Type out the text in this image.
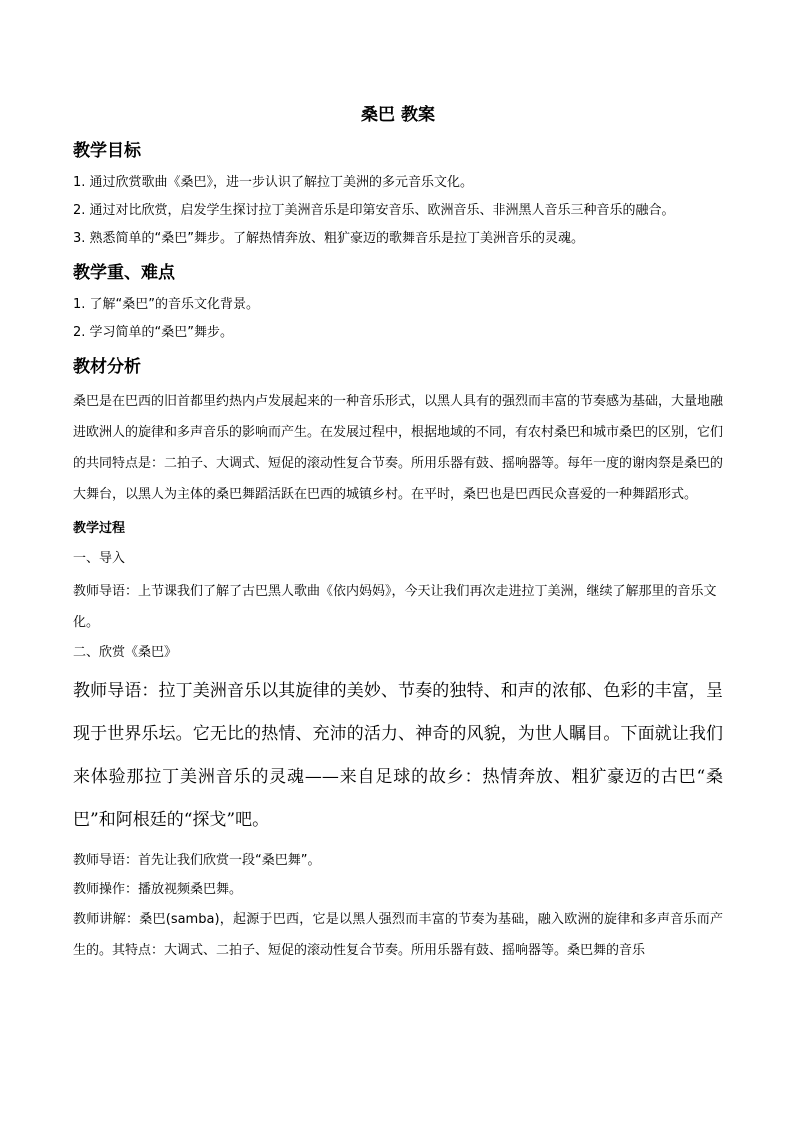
桑巴 教案
教学目标
1. 通过欣赏歌曲《桑巴》，进一步认识了解拉丁美洲的多元音乐文化。
2. 通过对比欣赏，启发学生探讨拉丁美洲音乐是印第安音乐、欧洲音乐、非洲黑人音乐三种音乐的融合。
3. 熟悉简单的“桑巴”舞步。了解热情奔放、粗犷豪迈的歌舞音乐是拉丁美洲音乐的灵魂。
教学重、难点
1. 了解“桑巴”的音乐文化背景。
2. 学习简单的“桑巴”舞步。
教材分析

桑巴是在巴西的旧首都里约热内卢发展起来的一种音乐形式，以黑人具有的强烈而丰富的节奏感为基础，大量地融进欧洲人的旋律和多声音乐的影响而产生。在发展过程中，根据地域的不同，有农村桑巴和城市桑巴的区别，它们的共同特点是：二拍子、大调式、短促的滚动性复合节奏。所用乐器有鼓、摇响器等。每年一度的谢肉祭是桑巴的大舞台，以黑人为主体的桑巴舞蹈活跃在巴西的城镇乡村。在平时，桑巴也是巴西民众喜爱的一种舞蹈形式。

教学过程
一、导入

教师导语：上节课我们了解了古巴黑人歌曲《依内妈妈》，今天让我们再次走进拉丁美洲，继续了解那里的音乐文化。

二、欣赏《桑巴》

教师导语：拉丁美洲音乐以其旋律的美妙、节奏的独特、和声的浓郁、色彩的丰富，呈现于世界乐坛。它无比的热情、充沛的活力、神奇的风貌，为世人瞩目。下面就让我们来体验那拉丁美洲音乐的灵魂——来自足球的故乡：热情奔放、粗犷豪迈的古巴“桑巴”和阿根廷的“探戈”吧。

教师导语：首先让我们欣赏一段“桑巴舞”。

教师操作：播放视频桑巴舞。

教师讲解：桑巴(samba)，起源于巴西，它是以黑人强烈而丰富的节奏为基础，融入欧洲的旋律和多声音乐而产生的。其特点：大调式、二拍子、短促的滚动性复合节奏。所用乐器有鼓、摇响器等。桑巴舞的音乐
